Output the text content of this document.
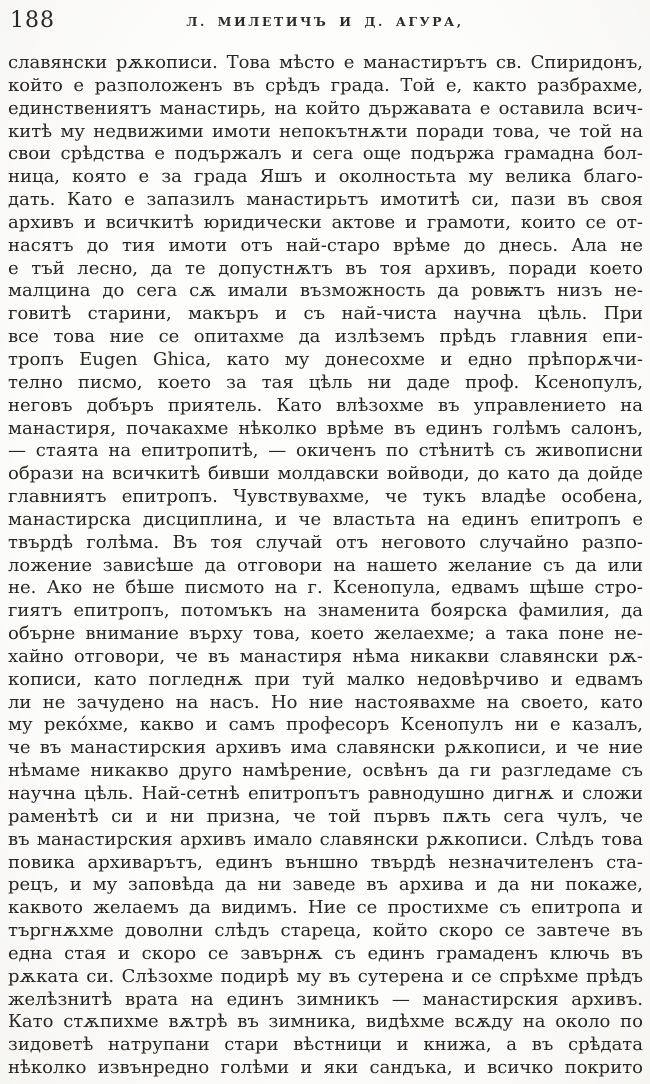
188	Л. МИЛЕТИЧЪ И Д. АГУРА,
славянски рѫкописи. Това мѣсто е манастирътъ св. Спиридонъ,
който е разположенъ въ срѣдъ града. Той е, както разбрахме,
единствениятъ манастирь, на който държавата е оставила всич-
китѣ му недвижими имоти непокътнѫти поради това, че той на
свои срѣдства е подържалъ и сега още подържа грамадна бол-
ница, която е за града Яшъ и околностьта му велика благо-
дать. Като е запазилъ манастирьтъ имотитѣ си, пази въ своя
архивъ и всичкитѣ юридически актове и грамоти, които се от-
насятъ до тия имоти отъ най-старо врѣме до днесь. Ала не
е тъй лесно, да те допустнѫтъ въ тоя архивъ, поради което
малцина до сега сѫ имали възможность да ровѭтъ низъ не-
говитѣ старини, макъръ и съ най-чиста научна цѣль. При
все това ние се опитахме да излѣземъ прѣдъ главния епи-
тропъ Eugen Ghica, като му донесохме и едно прѣпорѫчи-
телно писмо, което за тая цѣль ни даде проф. Ксенопулъ,
неговъ добъръ приятель. Като влѣзохме въ управлението на
манастиря, почакахме нѣколко врѣме въ единъ голѣмъ салонъ,
— стаята на епитропитѣ, — окиченъ по стѣнитѣ съ живописни
образи на всичкитѣ бивши молдавски войводи, до като да дойде
главниятъ епитропъ. Чувствувахме, че тукъ владѣе особена,
манастирска дисциплина, и че властьта на единъ епитропъ е
твърдѣ голѣма. Въ тоя случай отъ неговото случайно разпо-
ложение зависѣше да отговори на нашето желание съ да или
не. Ако не бѣше писмото на г. Ксенопула, едвамъ щѣше стро-
гиятъ епитропъ, потомъкъ на знаменита боярска фамилия, да
обърне внимание върху това, което желаехме; а така поне не-
хайно отговори, че въ манастиря нѣма никакви славянски рѫ-
кописи, като погледнѫ при туй малко недовѣрчиво и едвамъ
ли не зачудено на насъ. Но ние настоявахме на своето, като
му реко́хме, какво и самъ професоръ Ксенопулъ ни е казалъ,
че въ манастирския архивъ има славянски рѫкописи, и че ние
нѣмаме никакво друго намѣрение, освѣнъ да ги разгледаме съ
научна цѣль. Най-сетнѣ епитропътъ равнодушно дигнѫ и сложи
раменѣтѣ си и ни призна, че той първъ пѫть сега чулъ, че
въ манастирския архивъ имало славянски рѫкописи. Слѣдъ това
повика архиварътъ, единъ външно твърдѣ незначителенъ ста-
рецъ, и му заповѣда да ни заведе въ архива и да ни покаже,
каквото желаемъ да видимъ. Ние се простихме съ епитропа и
търгнѫхме доволни слѣдъ стареца, който скоро се завтече въ
една стая и скоро се завърнѫ съ единъ грамаденъ ключь въ
рѫката си. Слѣзохме подирѣ му въ сутерена и се спрѣхме прѣдъ
желѣзнитѣ врата на единъ зимникъ — манастирския архивъ.
Като стѫпихме вѫтрѣ въ зимника, видѣхме всѫду на около по
зидоветѣ натрупани стари вѣстници и книжа, а въ срѣдата
нѣколко извънредно голѣми и яки сандъка, и всичко покрито
